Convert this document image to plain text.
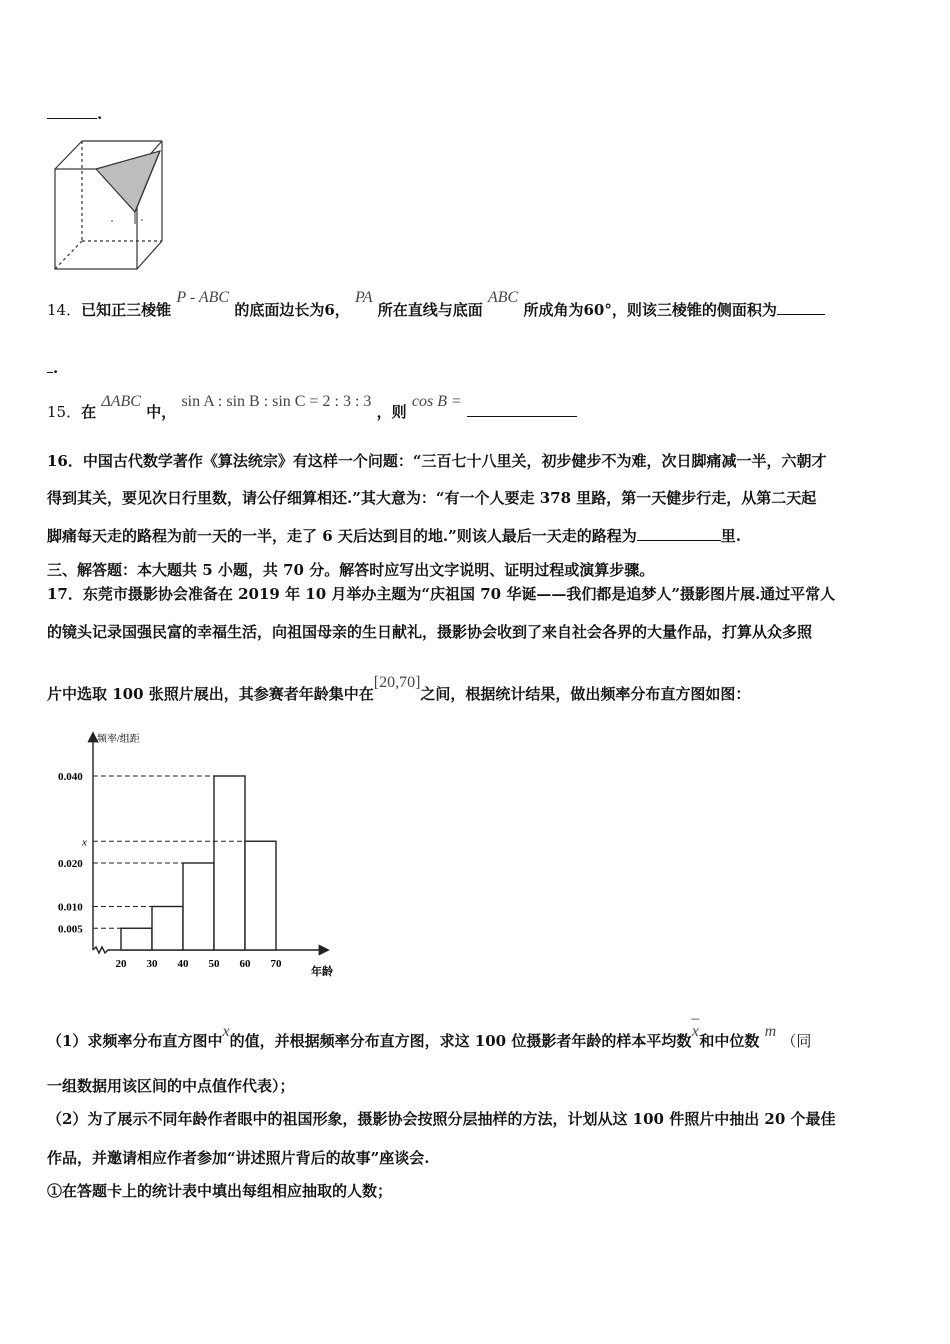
.
14．已知正三棱锥 P - ABC 的底面边长为6， PA 所在直线与底面 ABC 所成角为60°，则该三棱锥的侧面积为
.
15．在 ΔABC 中， sin A : sin B : sin C = 2 : 3 : 3 ，则 cos B =
16．中国古代数学著作《算法统宗》有这样一个问题：“三百七十八里关，初步健步不为难，次日脚痛减一半，六朝才
得到其关，要见次日行里数，请公仔细算相还.”其大意为：“有一个人要走 378 里路，第一天健步行走，从第二天起
脚痛每天走的路程为前一天的一半，走了 6 天后达到目的地.”则该人最后一天走的路程为	里.
三、解答题：本大题共 5 小题，共 70 分。解答时应写出文字说明、证明过程或演算步骤。
17．东莞市摄影协会准备在 2019 年 10 月举办主题为“庆祖国 70 华诞——我们都是追梦人”摄影图片展.通过平常人
的镜头记录国强民富的幸福生活，向祖国母亲的生日献礼，摄影协会收到了来自社会各界的大量作品，打算从众多照
片中选取 100 张照片展出，其参赛者年龄集中在[20,70]之间，根据统计结果，做出频率分布直方图如图：
频率/组距
年龄
0.040
x
0.020
0.010
0.005
20 30 40 50 60 70
（1）求频率分布直方图中x的值，并根据频率分布直方图，求这 100 位摄影者年龄的样本平均数
–
x和中位数 m （同
一组数据用该区间的中点值作代表）；
（2）为了展示不同年龄作者眼中的祖国形象，摄影协会按照分层抽样的方法，计划从这 100 件照片中抽出 20 个最佳
作品，并邀请相应作者参加“讲述照片背后的故事”座谈会.
①在答题卡上的统计表中填出每组相应抽取的人数；
